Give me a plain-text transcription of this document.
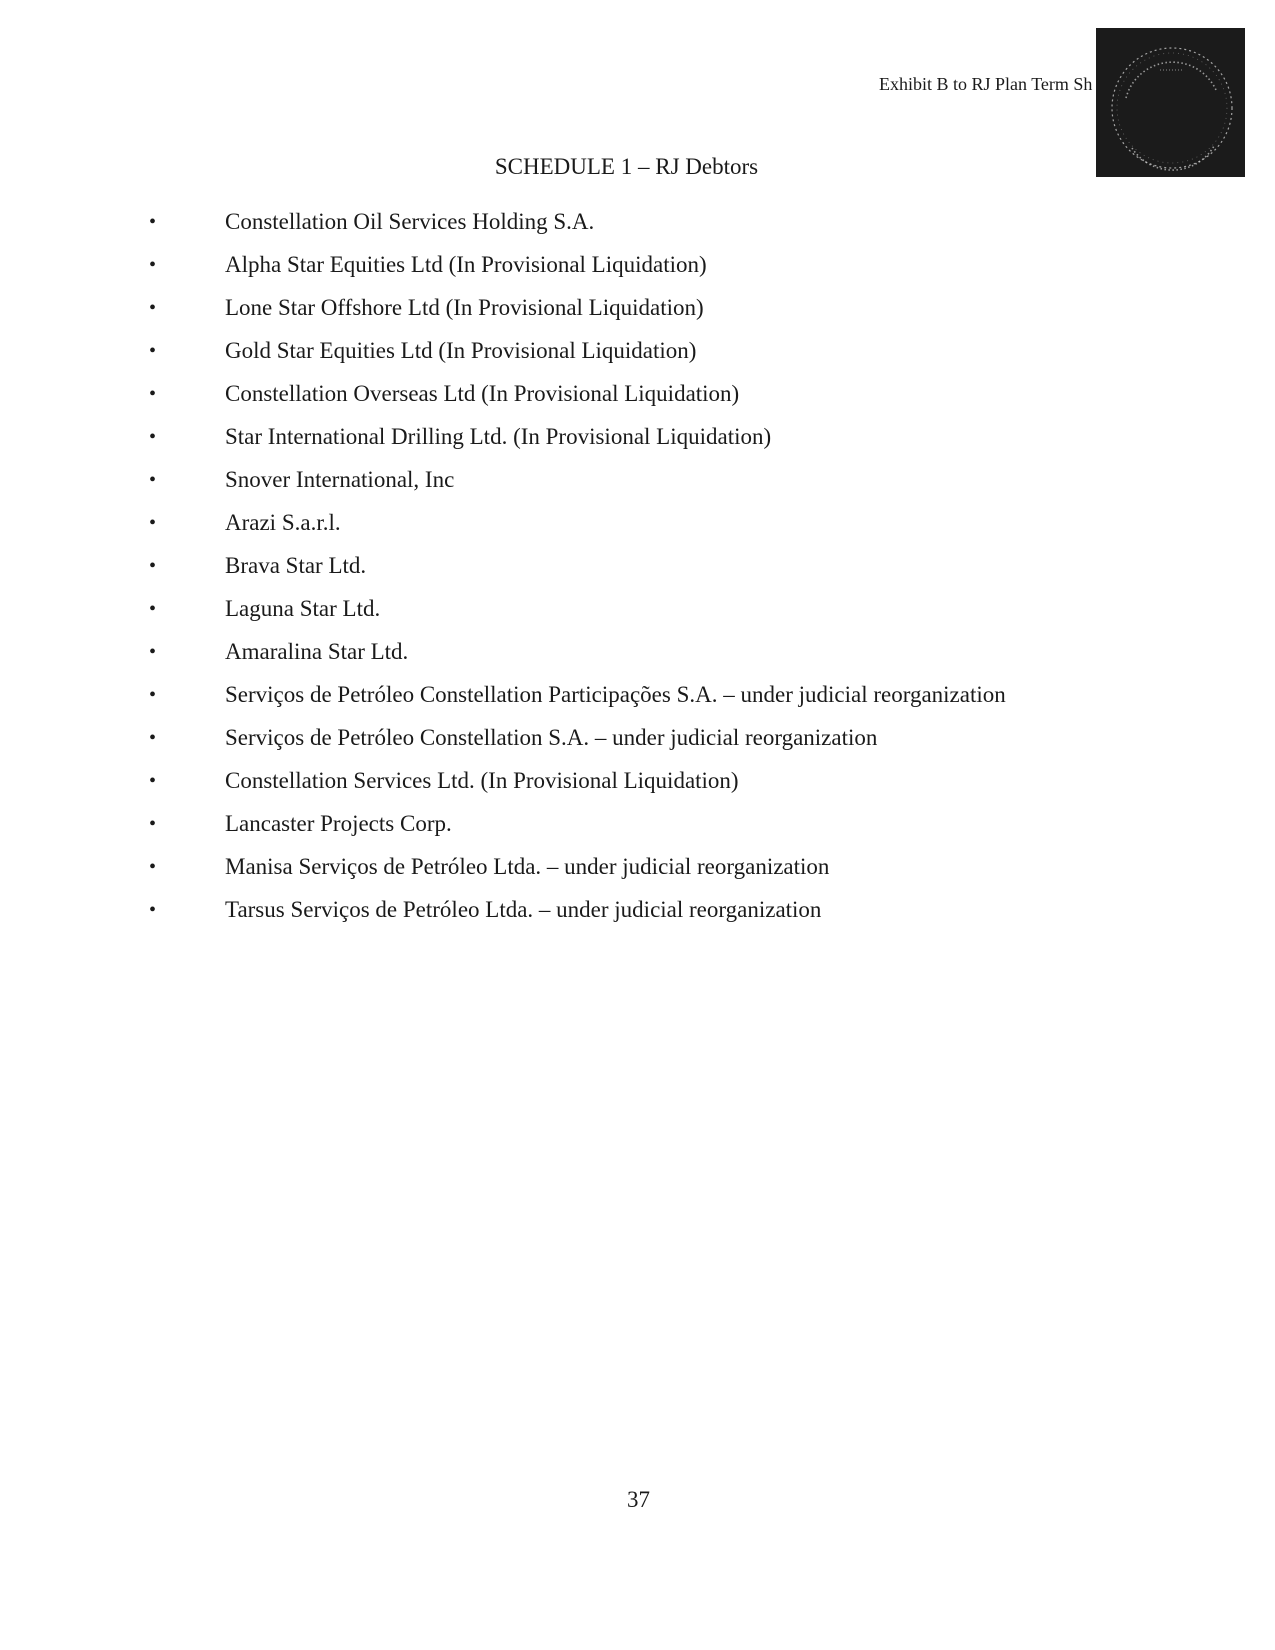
Exhibit B to RJ Plan Term Sh
SCHEDULE 1 – RJ Debtors
•	Constellation Oil Services Holding S.A.
•	Alpha Star Equities Ltd (In Provisional Liquidation)
•	Lone Star Offshore Ltd (In Provisional Liquidation)
•	Gold Star Equities Ltd (In Provisional Liquidation)
•	Constellation Overseas Ltd (In Provisional Liquidation)
•	Star International Drilling Ltd. (In Provisional Liquidation)
•	Snover International, Inc
•	Arazi S.a.r.l.
•	Brava Star Ltd.
•	Laguna Star Ltd.
•	Amaralina Star Ltd.
•	Serviços de Petróleo Constellation Participações S.A. – under judicial reorganization
•	Serviços de Petróleo Constellation S.A. – under judicial reorganization
•	Constellation Services Ltd. (In Provisional Liquidation)
•	Lancaster Projects Corp.
•	Manisa Serviços de Petróleo Ltda. – under judicial reorganization
•	Tarsus Serviços de Petróleo Ltda. – under judicial reorganization
37
